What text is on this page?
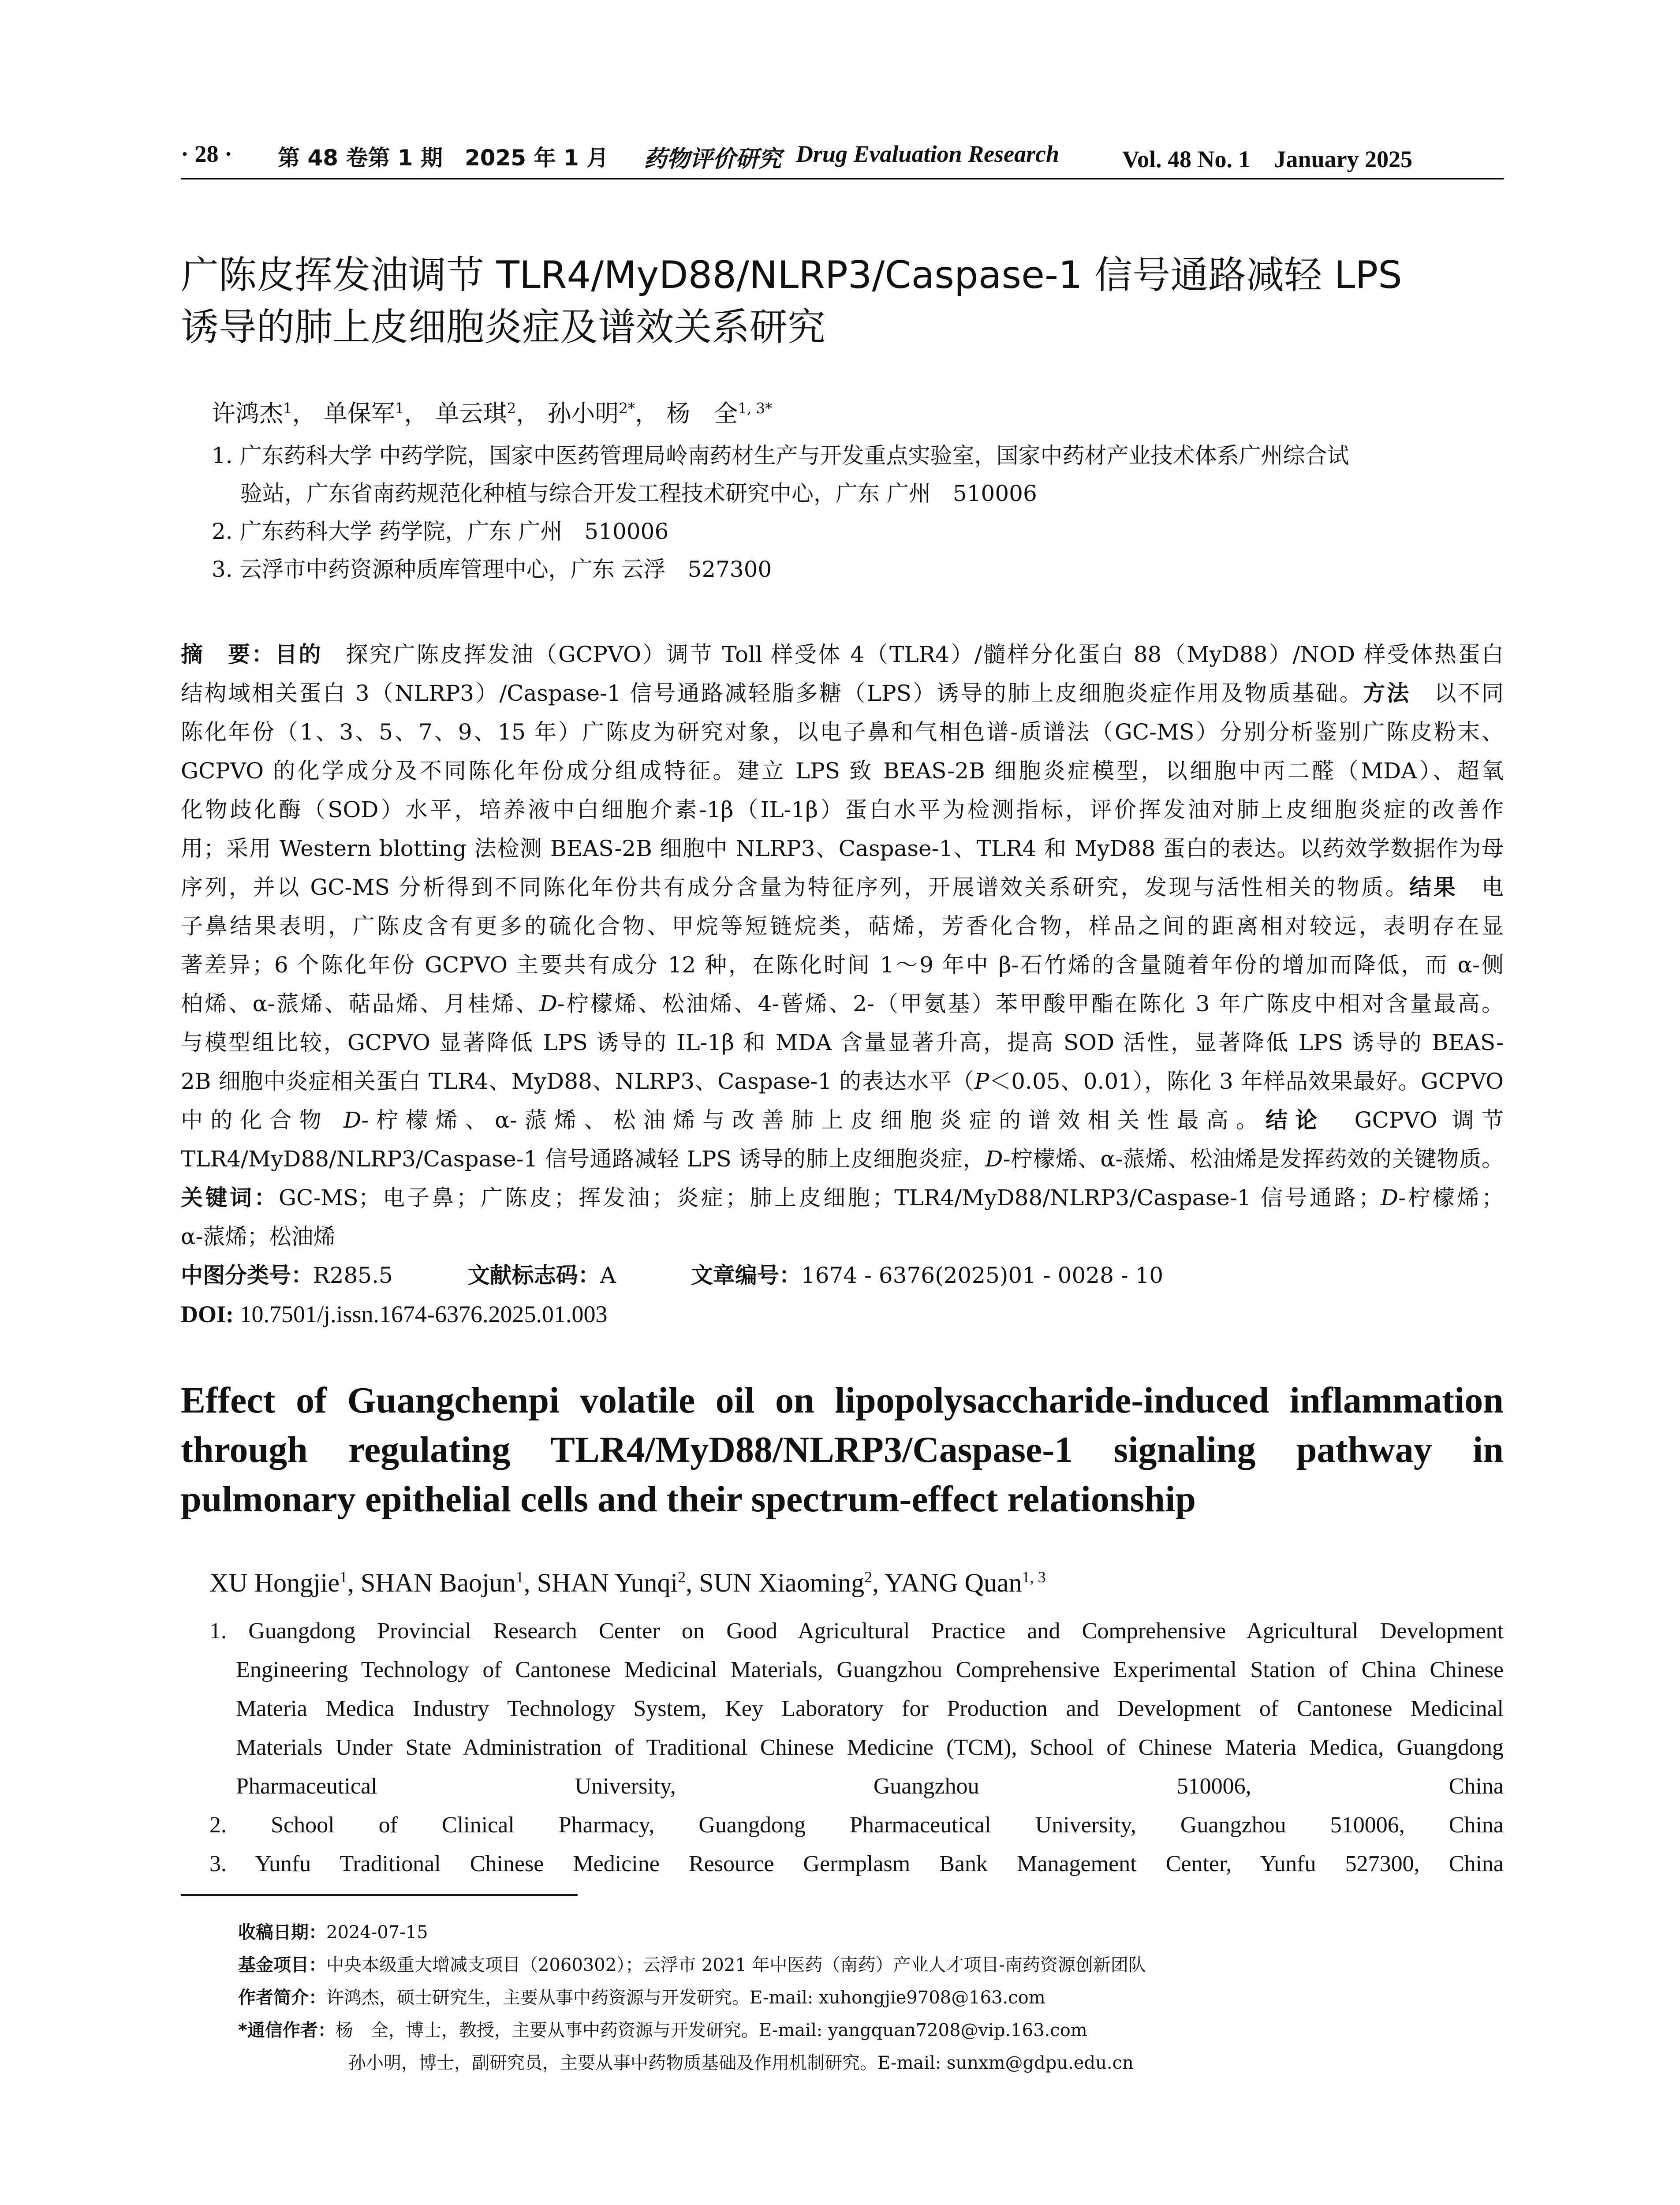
· 28 · 第 48 卷第 1 期　2025 年 1 月 药物评价研究 Drug Evaluation Research	Vol. 48 No. 1　January 2025
广陈皮挥发油调节 TLR4/MyD88/NLRP3/Caspase-1 信号通路减轻 LPS
诱导的肺上皮细胞炎症及谱效关系研究
许鸿杰$^1$， 单保军$^1$， 单云琪$^2$， 孙小明$^{2*}$， 杨　全$^{1, 3*}$
1. 广东药科大学 中药学院，国家中医药管理局岭南药材生产与开发重点实验室，国家中药材产业技术体系广州综合试
验站，广东省南药规范化种植与综合开发工程技术研究中心，广东 广州　510006
2. 广东药科大学 药学院，广东 广州　510006
3. 云浮市中药资源种质库管理中心，广东 云浮　527300
摘　要：目的　探究广陈皮挥发油（GCPVO）调节 Toll 样受体 4（TLR4）/髓样分化蛋白 88（MyD88）/NOD 样受体热蛋白
结构域相关蛋白 3（NLRP3）/Caspase-1 信号通路减轻脂多糖（LPS）诱导的肺上皮细胞炎症作用及物质基础。方法　以不同
陈化年份（1、3、5、7、9、15 年）广陈皮为研究对象，以电子鼻和气相色谱-质谱法（GC-MS）分别分析鉴别广陈皮粉末、
GCPVO 的化学成分及不同陈化年份成分组成特征。建立 LPS 致 BEAS-2B 细胞炎症模型，以细胞中丙二醛（MDA）、超氧
化物歧化酶（SOD）水平，培养液中白细胞介素-1β（IL-1β）蛋白水平为检测指标，评价挥发油对肺上皮细胞炎症的改善作
用；采用 Western blotting 法检测 BEAS-2B 细胞中 NLRP3、Caspase-1、TLR4 和 MyD88 蛋白的表达。以药效学数据作为母
序列，并以 GC-MS 分析得到不同陈化年份共有成分含量为特征序列，开展谱效关系研究，发现与活性相关的物质。结果　电
子鼻结果表明，广陈皮含有更多的硫化合物、甲烷等短链烷类，萜烯，芳香化合物，样品之间的距离相对较远，表明存在显
著差异；6 个陈化年份 GCPVO 主要共有成分 12 种，在陈化时间 1～9 年中 β-石竹烯的含量随着年份的增加而降低，而 α-侧
柏烯、α-蒎烯、萜品烯、月桂烯、D-柠檬烯、松油烯、4-蒈烯、2-（甲氨基）苯甲酸甲酯在陈化 3 年广陈皮中相对含量最高。
与模型组比较，GCPVO 显著降低 LPS 诱导的 IL-1β 和 MDA 含量显著升高，提高 SOD 活性，显著降低 LPS 诱导的 BEAS-
2B 细胞中炎症相关蛋白 TLR4、MyD88、NLRP3、Caspase-1 的表达水平（P＜0.05、0.01），陈化 3 年样品效果最好。GCPVO
中的化合物 D-柠檬烯、α-蒎烯、松油烯与改善肺上皮细胞炎症的谱效相关性最高。结论　GCPVO 调节
TLR4/MyD88/NLRP3/Caspase-1 信号通路减轻 LPS 诱导的肺上皮细胞炎症，D-柠檬烯、α-蒎烯、松油烯是发挥药效的关键物质。
关键词：GC-MS；电子鼻；广陈皮；挥发油；炎症；肺上皮细胞；TLR4/MyD88/NLRP3/Caspase-1 信号通路；D-柠檬烯；
α-蒎烯；松油烯
中图分类号：R285.5	文献标志码：A	文章编号：1674 - 6376(2025)01 - 0028 - 10
DOI: 10.7501/j.issn.1674-6376.2025.01.003
Effect of Guangchenpi volatile oil on lipopolysaccharide-induced inflammation
through regulating TLR4/MyD88/NLRP3/Caspase-1 signaling pathway in
pulmonary epithelial cells and their spectrum-effect relationship
XU Hongjie$^1$, SHAN Baojun$^1$, SHAN Yunqi$^2$, SUN Xiaoming$^2$, YANG Quan$^{1, 3}$
1. Guangdong Provincial Research Center on Good Agricultural Practice and Comprehensive Agricultural Development
Engineering Technology of Cantonese Medicinal Materials, Guangzhou Comprehensive Experimental Station of China Chinese
Materia Medica Industry Technology System, Key Laboratory for Production and Development of Cantonese Medicinal
Materials Under State Administration of Traditional Chinese Medicine (TCM), School of Chinese Materia Medica, Guangdong
Pharmaceutical University, Guangzhou 510006, China
2. School of Clinical Pharmacy, Guangdong Pharmaceutical University, Guangzhou 510006, China
3. Yunfu Traditional Chinese Medicine Resource Germplasm Bank Management Center, Yunfu 527300, China
收稿日期：2024-07-15
基金项目：中央本级重大增减支项目（2060302）；云浮市 2021 年中医药（南药）产业人才项目-南药资源创新团队
作者简介：许鸿杰，硕士研究生，主要从事中药资源与开发研究。E-mail: xuhongjie9708@163.com
*通信作者：杨　全，博士，教授，主要从事中药资源与开发研究。E-mail: yangquan7208@vip.163.com
孙小明，博士，副研究员，主要从事中药物质基础及作用机制研究。E-mail: sunxm@gdpu.edu.cn
